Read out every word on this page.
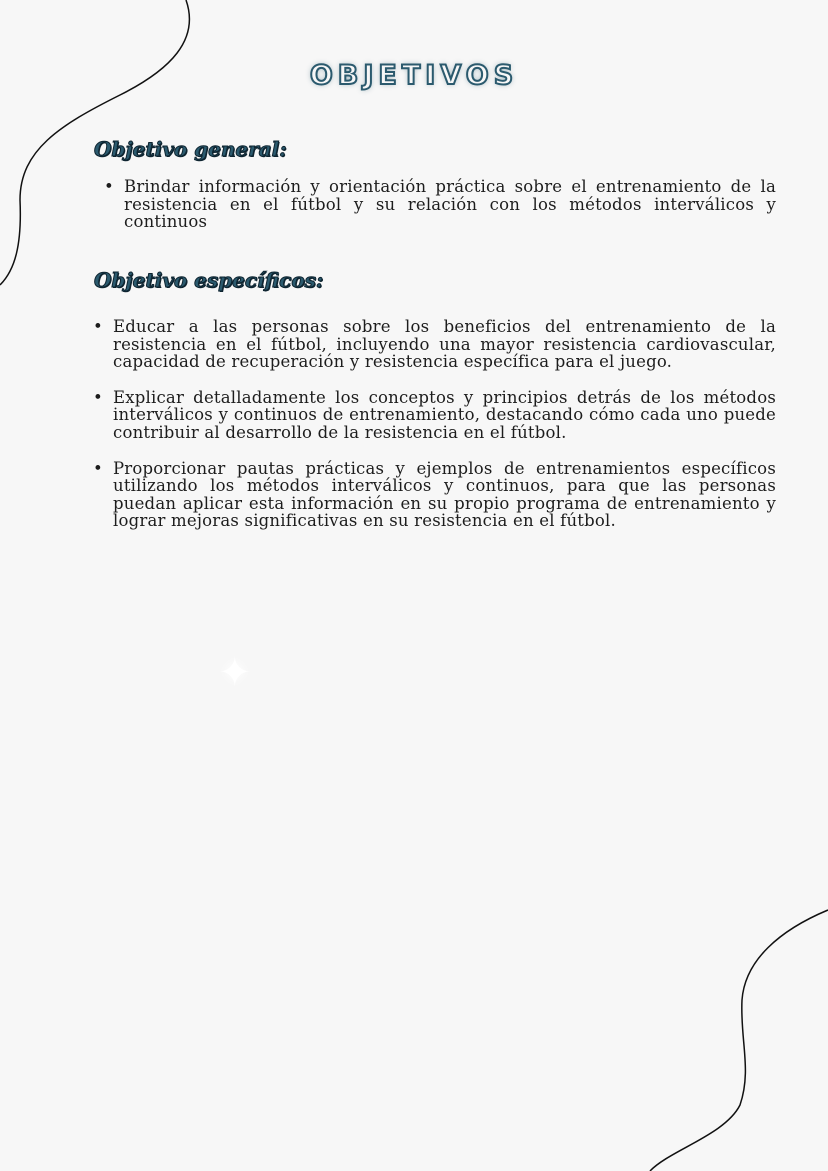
✦
OBJETIVOS
Objetivo general:
• Brindar información y orientación práctica sobre el entrenamiento de la resistencia en el fútbol y su relación con los métodos interválicos y continuos
Objetivo específicos:
• Educar a las personas sobre los beneficios del entrenamiento de la resistencia en el fútbol, incluyendo una mayor resistencia cardiovascular, capacidad de recuperación y resistencia específica para el juego.
• Explicar detalladamente los conceptos y principios detrás de los métodos interválicos y continuos de entrenamiento, destacando cómo cada uno puede contribuir al desarrollo de la resistencia en el fútbol.
• Proporcionar pautas prácticas y ejemplos de entrenamientos específicos utilizando los métodos interválicos y continuos, para que las personas puedan aplicar esta información en su propio programa de entrenamiento y lograr mejoras significativas en su resistencia en el fútbol.
